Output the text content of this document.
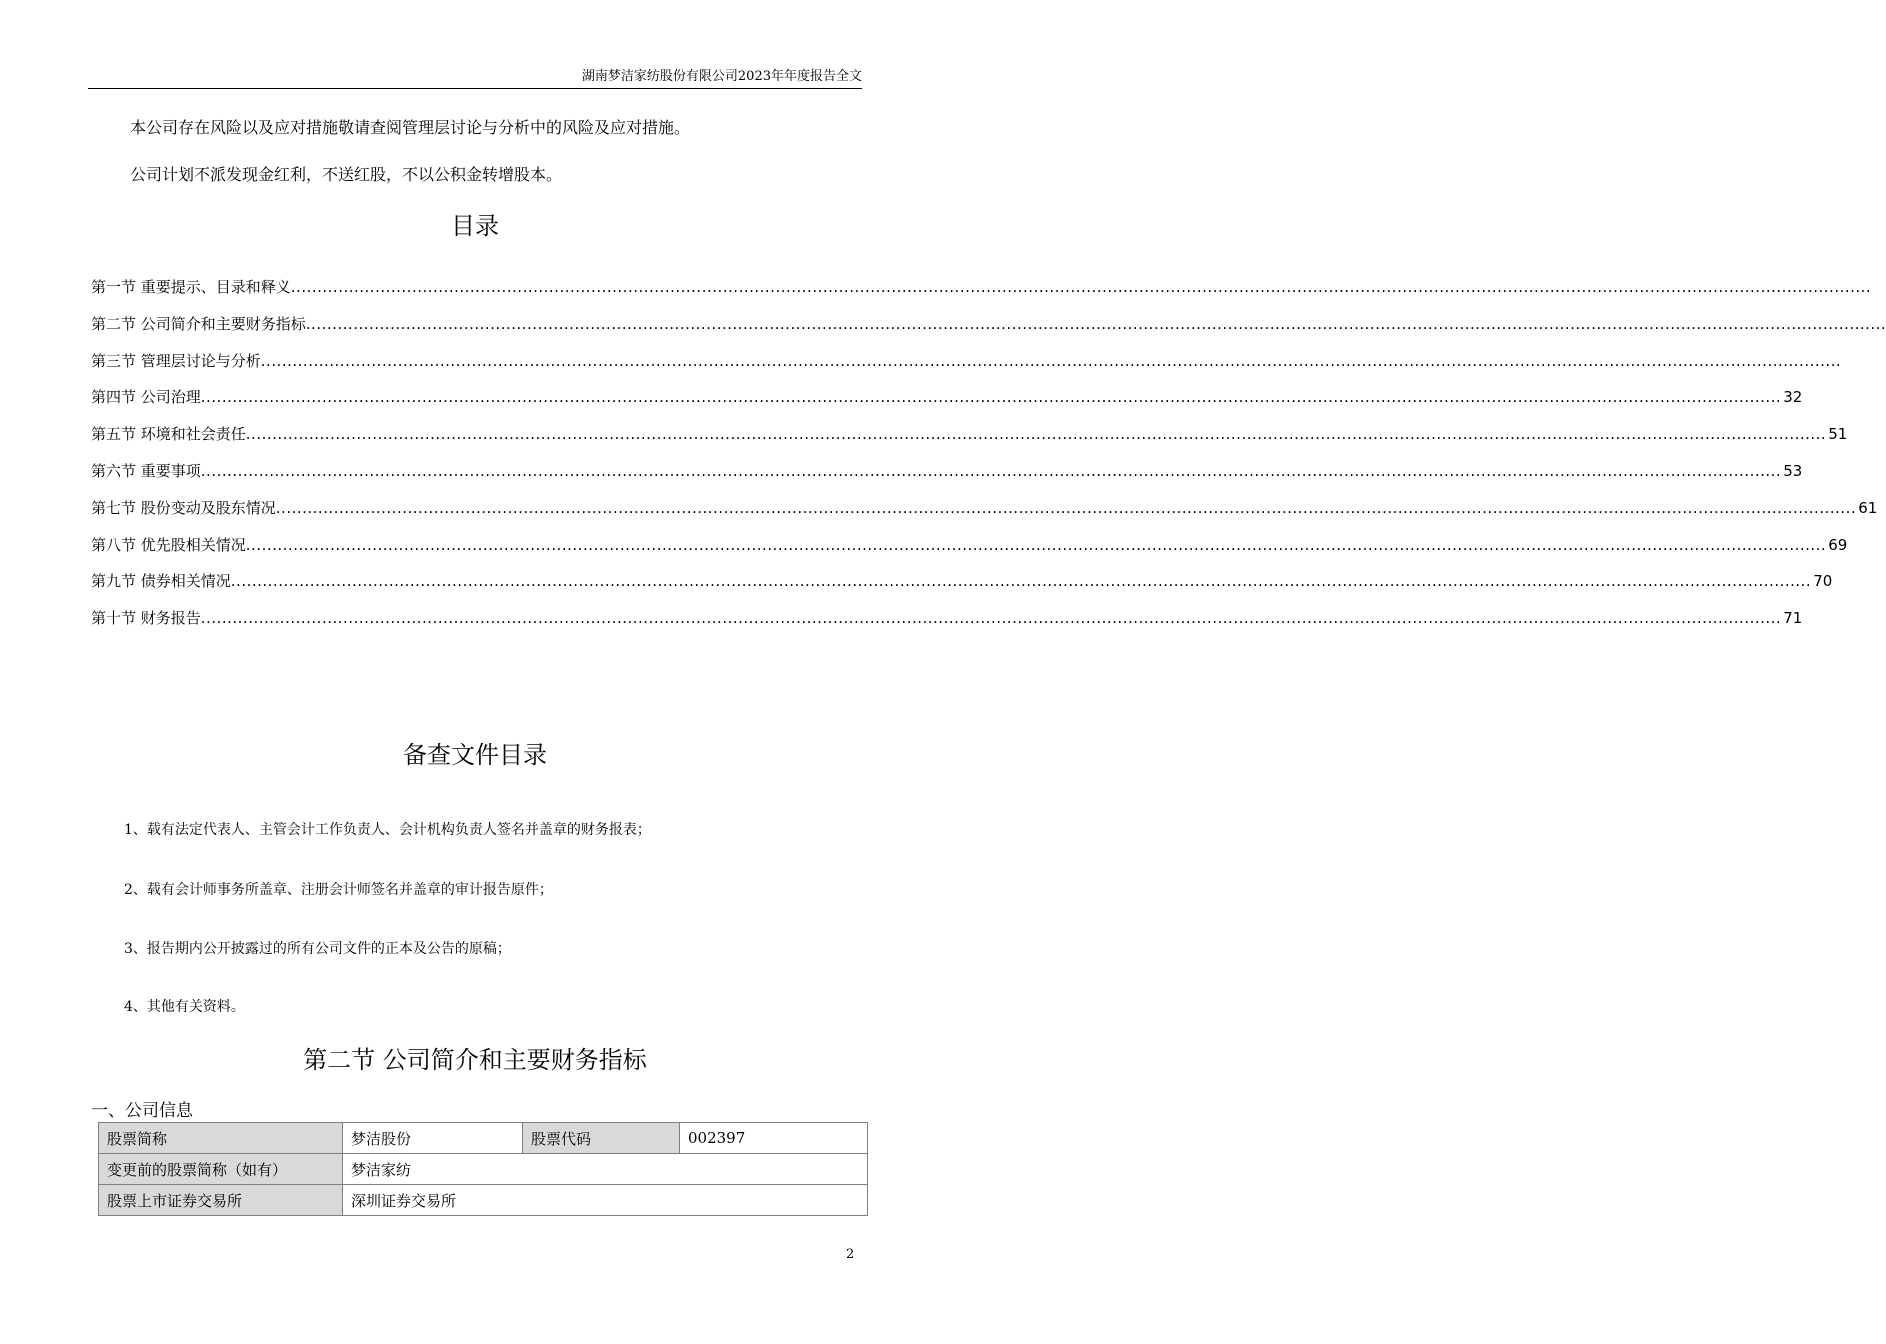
湖南梦洁家纺股份有限公司2023年年度报告全文
本公司存在风险以及应对措施敬请查阅管理层讨论与分析中的风险及应对措施。
公司计划不派发现金红利，不送红股，不以公积金转增股本。
目录
第一节 重要提示、目录和释义 ............................................................................................................................................................................................................................................................................................................
第二节 公司简介和主要财务指标 ............................................................................................................................................................................................................................................................................................................
第三节 管理层讨论与分析 ............................................................................................................................................................................................................................................................................................................
第四节 公司治理 ............................................................................................................................................................................................................................................................................................................ 32
第五节 环境和社会责任 ............................................................................................................................................................................................................................................................................................................ 51
第六节 重要事项 ............................................................................................................................................................................................................................................................................................................ 53
第七节 股份变动及股东情况 ............................................................................................................................................................................................................................................................................................................ 61
第八节 优先股相关情况 ............................................................................................................................................................................................................................................................................................................ 69
第九节 债券相关情况 ............................................................................................................................................................................................................................................................................................................ 70
第十节 财务报告 ............................................................................................................................................................................................................................................................................................................ 71
备查文件目录
1、载有法定代表人、主管会计工作负责人、会计机构负责人签名并盖章的财务报表；
2、载有会计师事务所盖章、注册会计师签名并盖章的审计报告原件；
3、报告期内公开披露过的所有公司文件的正本及公告的原稿；
4、其他有关资料。
第二节 公司简介和主要财务指标
一、公司信息
股票简称	梦洁股份	股票代码	002397
变更前的股票简称（如有）	梦洁家纺		
股票上市证券交易所	深圳证券交易所		
2
